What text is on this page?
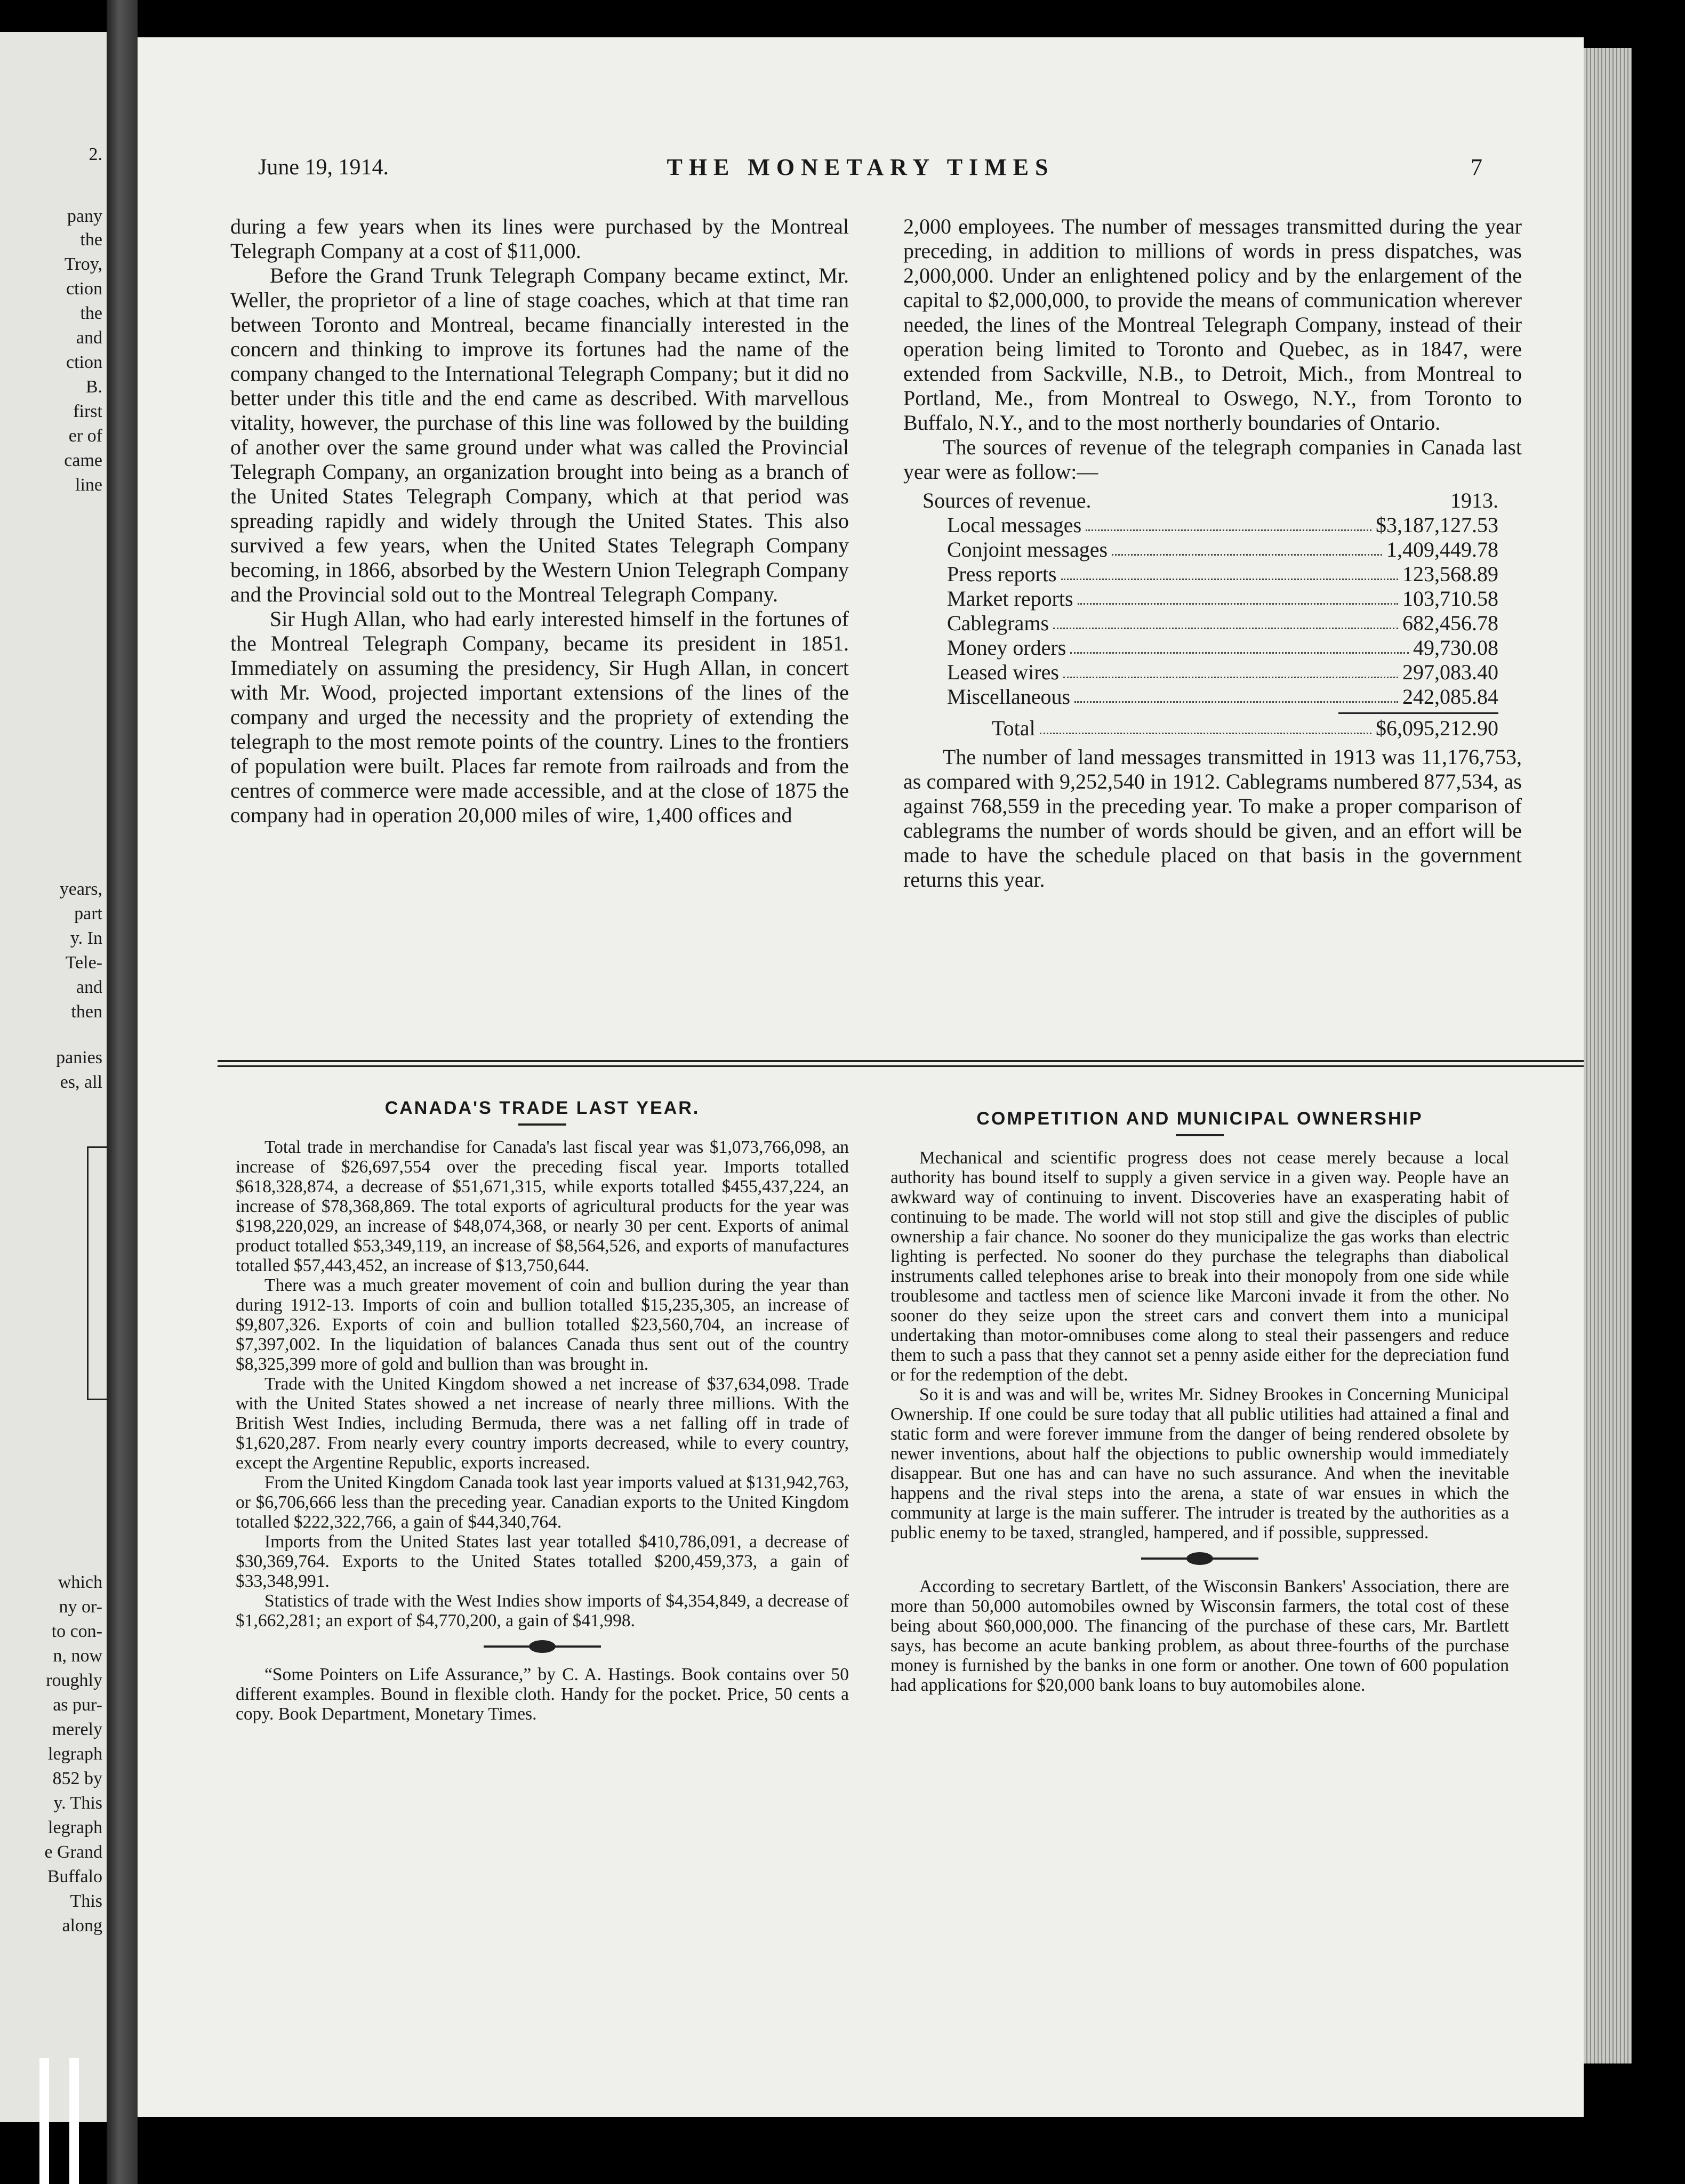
2.
pany
the
Troy,
ction
the
and
ction
B.
first
er of
came
line
years,
part
y. In
Tele-
and
then
panies
es, all
which
ny or-
to con-
n, now
roughly
as pur-
merely
legraph
852 by
y. This
legraph
e Grand
Buffalo
This
along
June 19, 1914.	THE MONETARY TIMES	7

during a few years when its lines were purchased by the Montreal Telegraph Company at a cost of $11,000.

Before the Grand Trunk Telegraph Company became extinct, Mr. Weller, the proprietor of a line of stage coaches, which at that time ran between Toronto and Montreal, became financially interested in the concern and thinking to improve its fortunes had the name of the company changed to the International Telegraph Company; but it did no better under this title and the end came as described. With marvellous vitality, however, the purchase of this line was followed by the building of another over the same ground under what was called the Provincial Telegraph Company, an organization brought into being as a branch of the United States Telegraph Company, which at that period was spreading rapidly and widely through the United States. This also survived a few years, when the United States Telegraph Company becoming, in 1866, absorbed by the Western Union Telegraph Company and the Provincial sold out to the Montreal Telegraph Company.

Sir Hugh Allan, who had early interested himself in the fortunes of the Montreal Telegraph Company, became its president in 1851. Immediately on assuming the presidency, Sir Hugh Allan, in concert with Mr. Wood, projected important extensions of the lines of the company and urged the necessity and the propriety of extending the telegraph to the most remote points of the country. Lines to the frontiers of population were built. Places far remote from railroads and from the centres of commerce were made accessible, and at the close of 1875 the company had in operation 20,000 miles of wire, 1,400 offices and

2,000 employees. The number of messages transmitted during the year preceding, in addition to millions of words in press dispatches, was 2,000,000. Under an enlightened policy and by the enlargement of the capital to $2,000,000, to provide the means of communication wherever needed, the lines of the Montreal Telegraph Company, instead of their operation being limited to Toronto and Quebec, as in 1847, were extended from Sackville, N.B., to Detroit, Mich., from Montreal to Portland, Me., from Montreal to Oswego, N.Y., from Toronto to Buffalo, N.Y., and to the most northerly boundaries of Ontario.

The sources of revenue of the telegraph companies in Canada last year were as follow:—

Sources of revenue.	1913.
Local messages	$3,187,127.53
Conjoint messages	1,409,449.78
Press reports	123,568.89
Market reports	103,710.58
Cablegrams	682,456.78
Money orders	49,730.08
Leased wires	297,083.40
Miscellaneous	242,085.84
Total	$6,095,212.90

The number of land messages transmitted in 1913 was 11,176,753, as compared with 9,252,540 in 1912. Cablegrams numbered 877,534, as against 768,559 in the preceding year. To make a proper comparison of cablegrams the number of words should be given, and an effort will be made to have the schedule placed on that basis in the government returns this year.

CANADA'S TRADE LAST YEAR.

Total trade in merchandise for Canada's last fiscal year was $1,073,766,098, an increase of $26,697,554 over the preceding fiscal year. Imports totalled $618,328,874, a decrease of $51,671,315, while exports totalled $455,437,224, an increase of $78,368,869. The total exports of agricultural products for the year was $198,220,029, an increase of $48,074,368, or nearly 30 per cent. Exports of animal product totalled $53,349,119, an increase of $8,564,526, and exports of manufactures totalled $57,443,452, an increase of $13,750,644.

There was a much greater movement of coin and bullion during the year than during 1912-13. Imports of coin and bullion totalled $15,235,305, an increase of $9,807,326. Exports of coin and bullion totalled $23,560,704, an increase of $7,397,002. In the liquidation of balances Canada thus sent out of the country $8,325,399 more of gold and bullion than was brought in.

Trade with the United Kingdom showed a net increase of $37,634,098. Trade with the United States showed a net increase of nearly three millions. With the British West Indies, including Bermuda, there was a net falling off in trade of $1,620,287. From nearly every country imports decreased, while to every country, except the Argentine Republic, exports increased.

From the United Kingdom Canada took last year imports valued at $131,942,763, or $6,706,666 less than the preceding year. Canadian exports to the United Kingdom totalled $222,322,766, a gain of $44,340,764.

Imports from the United States last year totalled $410,786,091, a decrease of $30,369,764. Exports to the United States totalled $200,459,373, a gain of $33,348,991.

Statistics of trade with the West Indies show imports of $4,354,849, a decrease of $1,662,281; an export of $4,770,200, a gain of $41,998.

“Some Pointers on Life Assurance,” by C. A. Hastings. Book contains over 50 different examples. Bound in flexible cloth. Handy for the pocket. Price, 50 cents a copy. Book Department, Monetary Times.

COMPETITION AND MUNICIPAL OWNERSHIP

Mechanical and scientific progress does not cease merely because a local authority has bound itself to supply a given service in a given way. People have an awkward way of continuing to invent. Discoveries have an exasperating habit of continuing to be made. The world will not stop still and give the disciples of public ownership a fair chance. No sooner do they municipalize the gas works than electric lighting is perfected. No sooner do they purchase the telegraphs than diabolical instruments called telephones arise to break into their monopoly from one side while troublesome and tactless men of science like Marconi invade it from the other. No sooner do they seize upon the street cars and convert them into a municipal undertaking than motor-omnibuses come along to steal their passengers and reduce them to such a pass that they cannot set a penny aside either for the depreciation fund or for the redemption of the debt.

So it is and was and will be, writes Mr. Sidney Brookes in Concerning Municipal Ownership. If one could be sure today that all public utilities had attained a final and static form and were forever immune from the danger of being rendered obsolete by newer inventions, about half the objections to public ownership would immediately disappear. But one has and can have no such assurance. And when the inevitable happens and the rival steps into the arena, a state of war ensues in which the community at large is the main sufferer. The intruder is treated by the authorities as a public enemy to be taxed, strangled, hampered, and if possible, suppressed.

According to secretary Bartlett, of the Wisconsin Bankers' Association, there are more than 50,000 automobiles owned by Wisconsin farmers, the total cost of these being about $60,000,000. The financing of the purchase of these cars, Mr. Bartlett says, has become an acute banking problem, as about three-fourths of the purchase money is furnished by the banks in one form or another. One town of 600 population had applications for $20,000 bank loans to buy automobiles alone.
